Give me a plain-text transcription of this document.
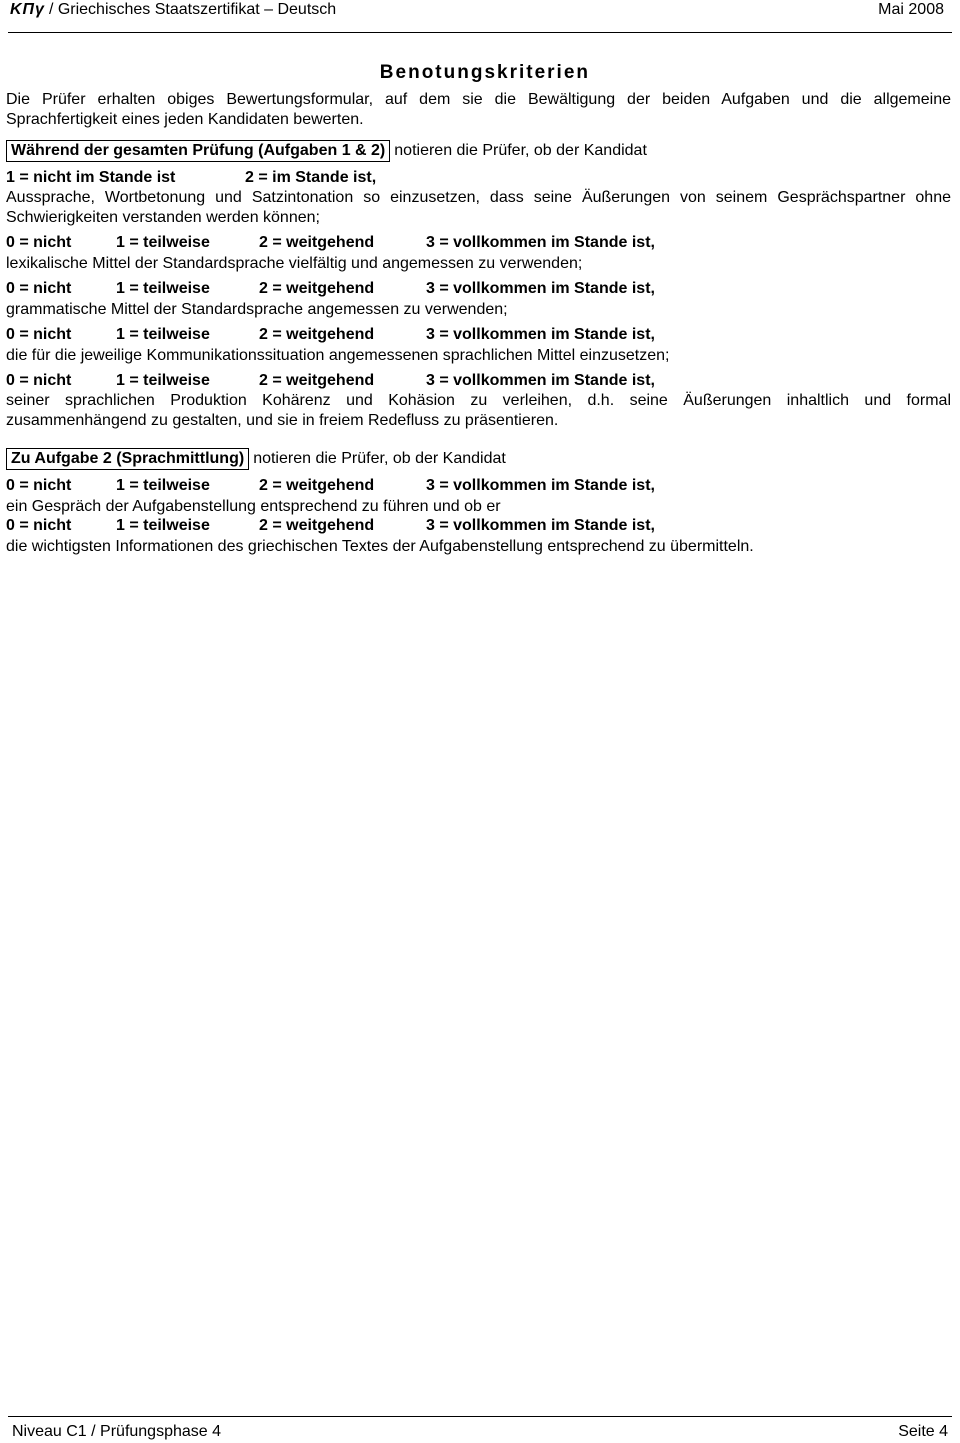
ΚΠγ / Griechisches Staatszertifikat – Deutsch	Mai 2008
Benotungskriterien
Die Prüfer erhalten obiges Bewertungsformular, auf dem sie die Bewältigung der beiden Aufgaben und die allgemeine Sprachfertigkeit eines jeden Kandidaten bewerten.
Während der gesamten Prüfung (Aufgaben 1 & 2) notieren die Prüfer, ob der Kandidat
1 = nicht im Stande ist	2 = im Stande ist,
Aussprache, Wortbetonung und Satzintonation so einzusetzen, dass seine Äußerungen von seinem Gesprächspartner ohne Schwierigkeiten verstanden werden können;
0 = nicht	1 = teilweise	2 = weitgehend	3 = vollkommen im Stande ist,
lexikalische Mittel der Standardsprache vielfältig und angemessen zu verwenden;
0 = nicht	1 = teilweise	2 = weitgehend	3 = vollkommen im Stande ist,
grammatische Mittel der Standardsprache angemessen zu verwenden;
0 = nicht	1 = teilweise	2 = weitgehend	3 = vollkommen im Stande ist,
die für die jeweilige Kommunikationssituation angemessenen sprachlichen Mittel einzusetzen;
0 = nicht	1 = teilweise	2 = weitgehend	3 = vollkommen im Stande ist,
seiner sprachlichen Produktion Kohärenz und Kohäsion zu verleihen, d.h. seine Äußerungen inhaltlich und formal zusammenhängend zu gestalten, und sie in freiem Redefluss zu präsentieren.
Zu Aufgabe 2 (Sprachmittlung) notieren die Prüfer, ob der Kandidat
0 = nicht	1 = teilweise	2 = weitgehend	3 = vollkommen im Stande ist,
ein Gespräch der Aufgabenstellung entsprechend zu führen und ob er
0 = nicht	1 = teilweise	2 = weitgehend	3 = vollkommen im Stande ist,
die wichtigsten Informationen des griechischen Textes der Aufgabenstellung entsprechend zu übermitteln.
Niveau C1 / Prüfungsphase 4	Seite 4
